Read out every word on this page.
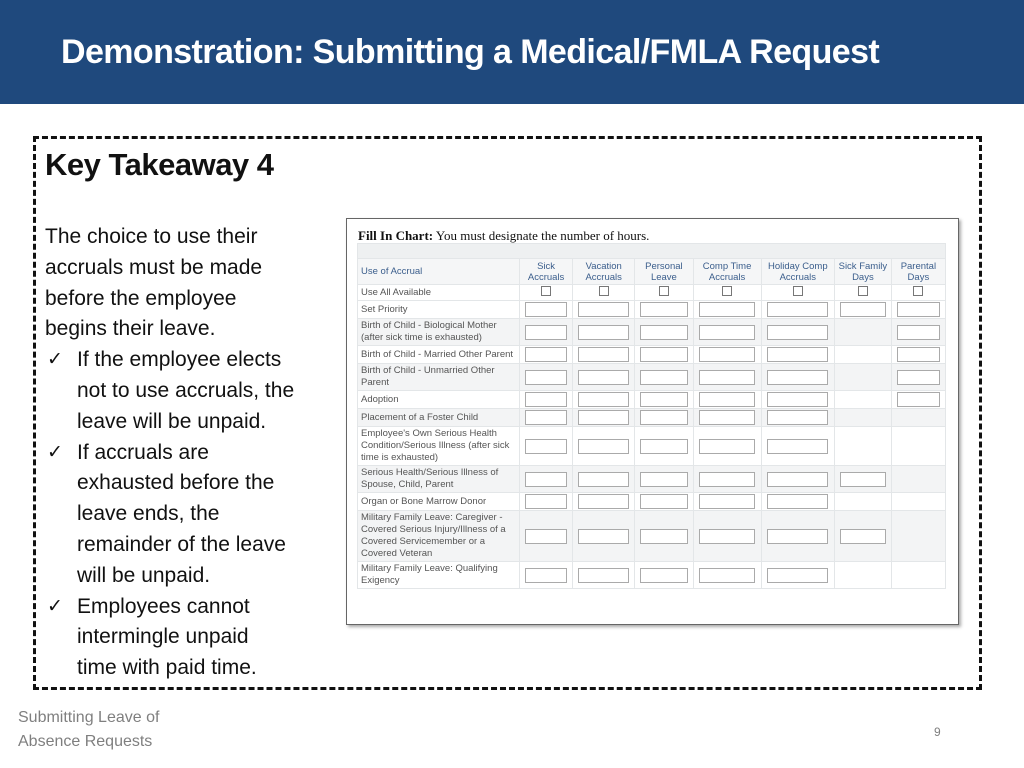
Demonstration: Submitting a Medical/FMLA Request
Key Takeaway 4
The choice to use their
accruals must be made
before the employee
begins their leave.
✓ If the employee elects
not to use accruals, the
leave will be unpaid.
✓ If accruals are
exhausted before the
leave ends, the
remainder of the leave
will be unpaid.
✓ Employees cannot
intermingle unpaid
time with paid time.
Fill In Chart: You must designate the number of hours.

Use of Accrual	Sick Accruals	Vacation Accruals	Personal Leave	Comp Time Accruals	Holiday Comp Accruals	Sick Family Days	Parental Days
Use All Available							
Set Priority	

Birth of Child - Biological Mother (after sick time is exhausted)	

Birth of Child - Married Other Parent	

Birth of Child - Unmarried Other Parent	

Adoption	

Placement of a Foster Child	

Employee's Own Serious Health Condition/Serious Illness (after sick time is exhausted)	

Serious Health/Serious Illness of Spouse, Child, Parent	

Organ or Bone Marrow Donor	

Military Family Leave: Caregiver - Covered Serious Injury/Illness of a Covered Servicemember or a Covered Veteran	

Military Family Leave: Qualifying Exigency	

Submitting Leave of
Absence Requests
9
